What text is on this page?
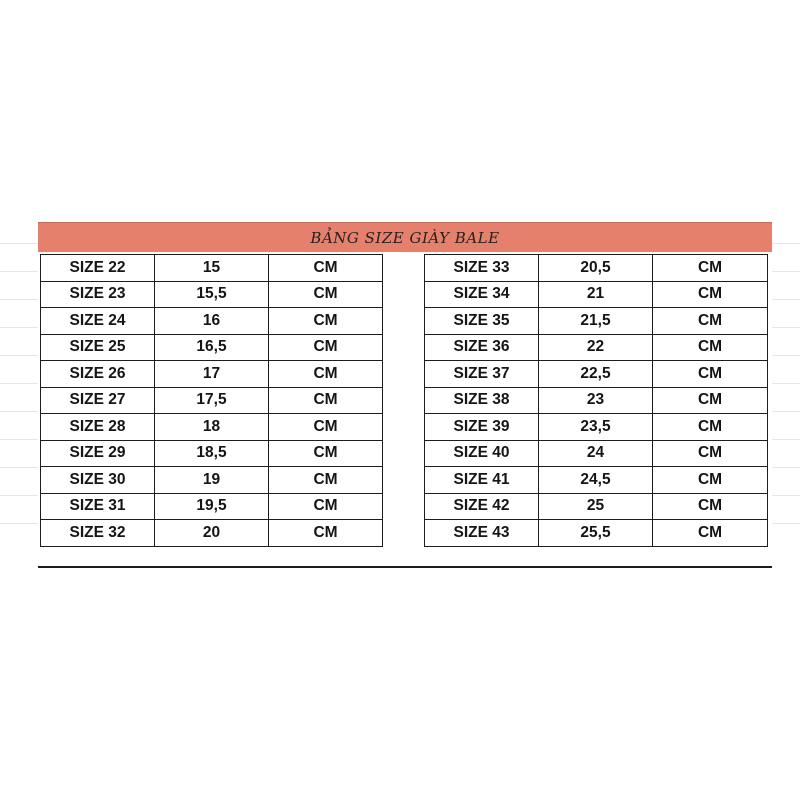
BẢNG SIZE GIÀY BALE
SIZE 22	15	CM
SIZE 23	15,5	CM
SIZE 24	16	CM
SIZE 25	16,5	CM
SIZE 26	17	CM
SIZE 27	17,5	CM
SIZE 28	18	CM
SIZE 29	18,5	CM
SIZE 30	19	CM
SIZE 31	19,5	CM
SIZE 32	20	CM
SIZE 33	20,5	CM
SIZE 34	21	CM
SIZE 35	21,5	CM
SIZE 36	22	CM
SIZE 37	22,5	CM
SIZE 38	23	CM
SIZE 39	23,5	CM
SIZE 40	24	CM
SIZE 41	24,5	CM
SIZE 42	25	CM
SIZE 43	25,5	CM
